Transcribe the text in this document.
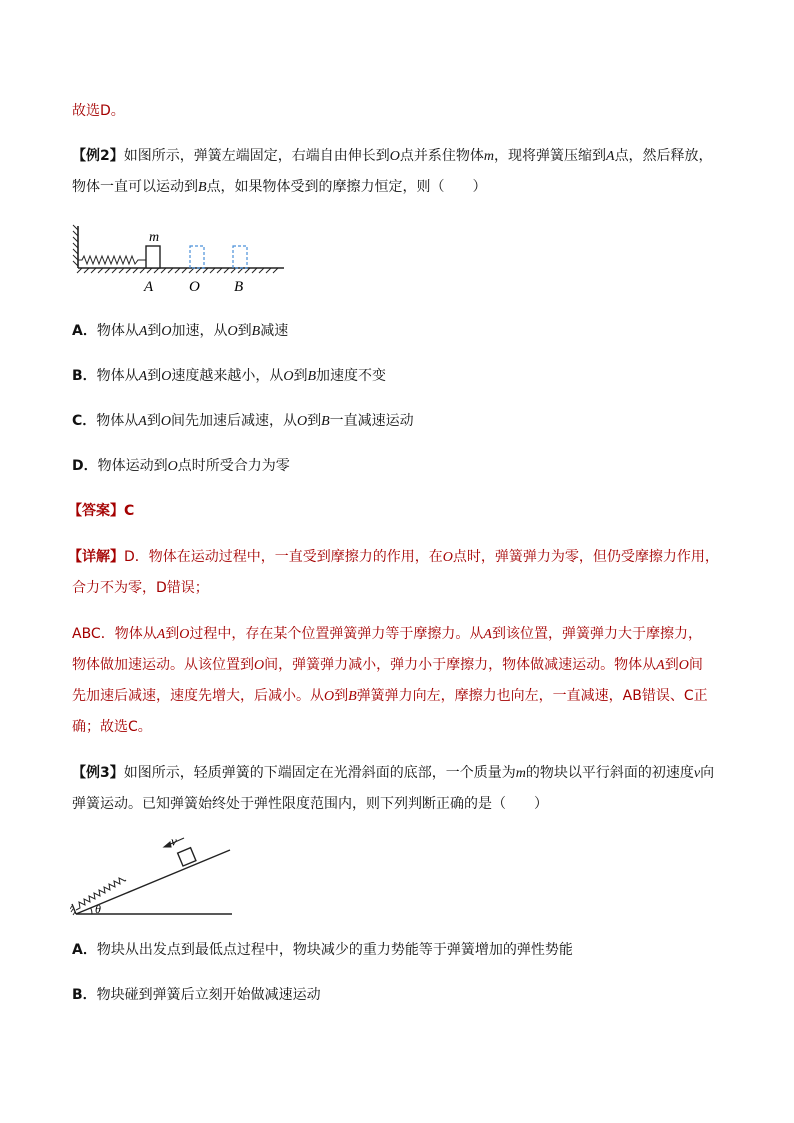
故选D。
【例2】如图所示，弹簧左端固定，右端自由伸长到O点并系住物体m，现将弹簧压缩到A点，然后释放，
物体一直可以运动到B点，如果物体受到的摩擦力恒定，则（　　）
m
A O B
A．物体从A到O加速，从O到B减速
B．物体从A到O速度越来越小，从O到B加速度不变
C．物体从A到O间先加速后减速，从O到B一直减速运动
D．物体运动到O点时所受合力为零
【答案】C
【详解】D．物体在运动过程中，一直受到摩擦力的作用，在O点时，弹簧弹力为零，但仍受摩擦力作用，
合力不为零，D错误；
ABC．物体从A到O过程中，存在某个位置弹簧弹力等于摩擦力。从A到该位置，弹簧弹力大于摩擦力，
物体做加速运动。从该位置到O间，弹簧弹力减小，弹力小于摩擦力，物体做减速运动。物体从A到O间
先加速后减速，速度先增大，后减小。从O到B弹簧弹力向左，摩擦力也向左，一直减速，AB错误、C正
确；故选C。
【例3】如图所示，轻质弹簧的下端固定在光滑斜面的底部，一个质量为m的物块以平行斜面的初速度v向
弹簧运动。已知弹簧始终处于弹性限度范围内，则下列判断正确的是（　　）
v
θ
A．物块从出发点到最低点过程中，物块减少的重力势能等于弹簧增加的弹性势能
B．物块碰到弹簧后立刻开始做减速运动
